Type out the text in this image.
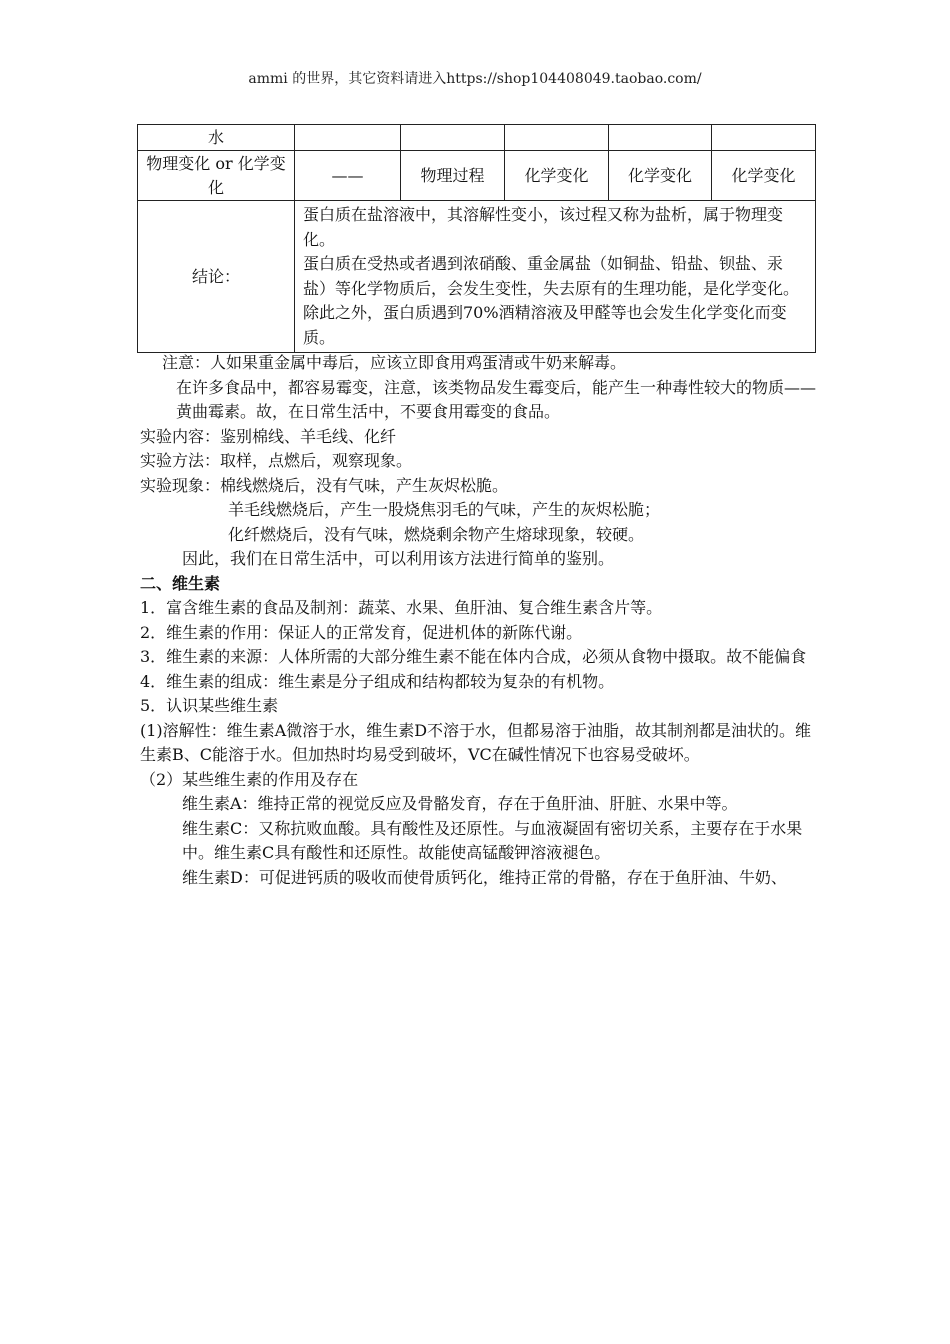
ammi 的世界，其它资料请进入https://shop104408049.taobao.com/
水					
物理变化 or 化学变化	——	物理过程	化学变化	化学变化	化学变化
结论：	蛋白质在盐溶液中，其溶解性变小，该过程又称为盐析，属于物理变化。
蛋白质在受热或者遇到浓硝酸、重金属盐（如铜盐、铅盐、钡盐、汞盐）等化学物质后，会发生变性，失去原有的生理功能，是化学变化。
除此之外，蛋白质遇到70%酒精溶液及甲醛等也会发生化学变化而变质。				

注意：人如果重金属中毒后，应该立即食用鸡蛋清或牛奶来解毒。

在许多食品中，都容易霉变，注意，该类物品发生霉变后，能产生一种毒性较大的物质——黄曲霉素。故，在日常生活中，不要食用霉变的食品。

实验内容：鉴别棉线、羊毛线、化纤

实验方法：取样，点燃后，观察现象。

实验现象：棉线燃烧后，没有气味，产生灰烬松脆。

羊毛线燃烧后，产生一股烧焦羽毛的气味，产生的灰烬松脆；

化纤燃烧后，没有气味，燃烧剩余物产生熔球现象，较硬。

因此，我们在日常生活中，可以利用该方法进行简单的鉴别。

二、维生素

1．富含维生素的食品及制剂：蔬菜、水果、鱼肝油、复合维生素含片等。

2．维生素的作用：保证人的正常发育，促进机体的新陈代谢。

3．维生素的来源：人体所需的大部分维生素不能在体内合成，必须从食物中摄取。故不能偏食

4．维生素的组成：维生素是分子组成和结构都较为复杂的有机物。

5．认识某些维生素

(1)溶解性：维生素A微溶于水，维生素D不溶于水，但都易溶于油脂，故其制剂都是油状的。维生素B、C能溶于水。但加热时均易受到破坏，VC在碱性情况下也容易受破坏。

（2）某些维生素的作用及存在

维生素A：维持正常的视觉反应及骨骼发育，存在于鱼肝油、肝脏、水果中等。

维生素C：又称抗败血酸。具有酸性及还原性。与血液凝固有密切关系，主要存在于水果中。维生素C具有酸性和还原性。故能使高锰酸钾溶液褪色。

维生素D：可促进钙质的吸收而使骨质钙化，维持正常的骨骼，存在于鱼肝油、牛奶、
